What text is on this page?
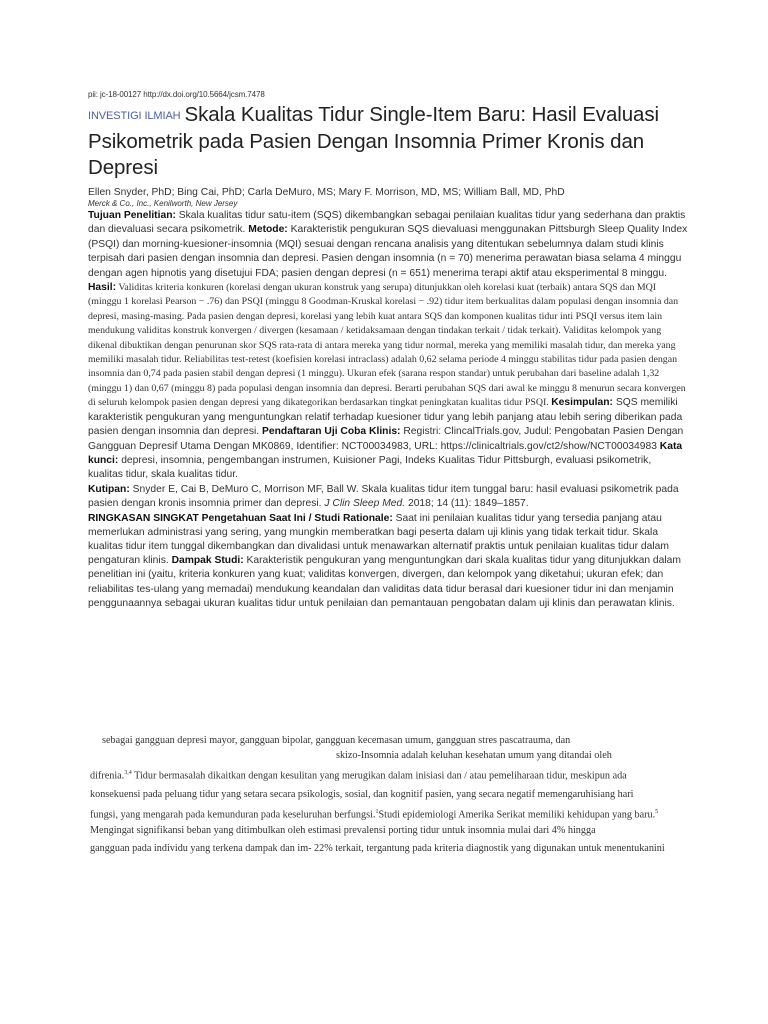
pii: jc-18-00127 http://dx.doi.org/10.5664/jcsm.7478
INVESTIGI ILMIAH Skala Kualitas Tidur Single-Item Baru: Hasil Evaluasi Psikometrik pada Pasien Dengan Insomnia Primer Kronis dan Depresi
Ellen Snyder, PhD; Bing Cai, PhD; Carla DeMuro, MS; Mary F. Morrison, MD, MS; William Ball, MD, PhD
Merck & Co., Inc., Kenilworth, New Jersey
Tujuan Penelitian: Skala kualitas tidur satu-item (SQS) dikembangkan sebagai penilaian kualitas tidur yang sederhana dan praktis dan dievaluasi secara psikometrik. Metode: Karakteristik pengukuran SQS dievaluasi menggunakan Pittsburgh Sleep Quality Index (PSQI) dan morning-kuesioner-insomnia (MQI) sesuai dengan rencana analisis yang ditentukan sebelumnya dalam studi klinis terpisah dari pasien dengan insomnia dan depresi. Pasien dengan insomnia (n = 70) menerima perawatan biasa selama 4 minggu dengan agen hipnotis yang disetujui FDA; pasien dengan depresi (n = 651) menerima terapi aktif atau eksperimental 8 minggu. Hasil: Validitas kriteria konkuren (korelasi dengan ukuran konstruk yang serupa) ditunjukkan oleh korelasi kuat (terbaik) antara SQS dan MQI (minggu 1 korelasi Pearson − .76) dan PSQI (minggu 8 Goodman-Kruskal korelasi − .92) tidur item berkualitas dalam populasi dengan insomnia dan depresi, masing-masing. Pada pasien dengan depresi, korelasi yang lebih kuat antara SQS dan komponen kualitas tidur inti PSQI versus item lain mendukung validitas konstruk konvergen / divergen (kesamaan / ketidaksamaan dengan tindakan terkait / tidak terkait). Validitas kelompok yang dikenal dibuktikan dengan penurunan skor SQS rata-rata di antara mereka yang tidur normal, mereka yang memiliki masalah tidur, dan mereka yang memiliki masalah tidur. Reliabilitas test-retest (koefisien korelasi intraclass) adalah 0,62 selama periode 4 minggu stabilitas tidur pada pasien dengan insomnia dan 0,74 pada pasien stabil dengan depresi (1 minggu). Ukuran efek (sarana respon standar) untuk perubahan dari baseline adalah 1,32 (minggu 1) dan 0,67 (minggu 8) pada populasi dengan insomnia dan depresi. Berarti perubahan SQS dari awal ke minggu 8 menurun secara konvergen di seluruh kelompok pasien dengan depresi yang dikategorikan berdasarkan tingkat peningkatan kualitas tidur PSQI. Kesimpulan: SQS memiliki karakteristik pengukuran yang menguntungkan relatif terhadap kuesioner tidur yang lebih panjang atau lebih sering diberikan pada pasien dengan insomnia dan depresi. Pendaftaran Uji Coba Klinis: Registri: ClincalTrials.gov, Judul: Pengobatan Pasien Dengan Gangguan Depresif Utama Dengan MK0869, Identifier: NCT00034983, URL: https://clinicaltrials.gov/ct2/show/NCT00034983 Kata kunci: depresi, insomnia, pengembangan instrumen, Kuisioner Pagi, Indeks Kualitas Tidur Pittsburgh, evaluasi psikometrik, kualitas tidur, skala kualitas tidur.
Kutipan: Snyder E, Cai B, DeMuro C, Morrison MF, Ball W. Skala kualitas tidur item tunggal baru: hasil evaluasi psikometrik pada pasien dengan kronis insomnia primer dan depresi. J Clin Sleep Med. 2018; 14 (11): 1849–1857.
RINGKASAN SINGKAT Pengetahuan Saat Ini / Studi Rationale: Saat ini penilaian kualitas tidur yang tersedia panjang atau memerlukan administrasi yang sering, yang mungkin memberatkan bagi peserta dalam uji klinis yang tidak terkait tidur. Skala kualitas tidur item tunggal dikembangkan dan divalidasi untuk menawarkan alternatif praktis untuk penilaian kualitas tidur dalam pengaturan klinis. Dampak Studi: Karakteristik pengukuran yang menguntungkan dari skala kualitas tidur yang ditunjukkan dalam penelitian ini (yaitu, kriteria konkuren yang kuat; validitas konvergen, divergen, dan kelompok yang diketahui; ukuran efek; dan reliabilitas tes-ulang yang memadai) mendukung keandalan dan validitas data tidur berasal dari kuesioner tidur ini dan menjamin penggunaannya sebagai ukuran kualitas tidur untuk penilaian dan pemantauan pengobatan dalam uji klinis dan perawatan klinis.
sebagai gangguan depresi mayor, gangguan bipolar, gangguan kecemasan umum, gangguan stres pascatrauma, dan
skizo-Insomnia adalah keluhan kesehatan umum yang ditandai oleh
difrenia.$^{3,4}$ Tidur bermasalah dikaitkan dengan kesulitan yang merugikan dalam inisiasi dan / atau pemeliharaan tidur, meskipun ada
konsekuensi pada peluang tidur yang setara secara psikologis, sosial, dan kognitif pasien, yang secara negatif memengaruhisiang hari
fungsi, yang mengarah pada kemunduran pada keseluruhan berfungsi.$^1$Studi epidemiologi Amerika Serikat memiliki kehidupan yang baru.$^5$ Mengingat signifikansi beban yang ditimbulkan oleh estimasi prevalensi porting tidur untuk insomnia mulai dari 4% hingga
gangguan pada individu yang terkena dampak dan im- 22% terkait, tergantung pada kriteria diagnostik yang digunakan untuk menentukanini
